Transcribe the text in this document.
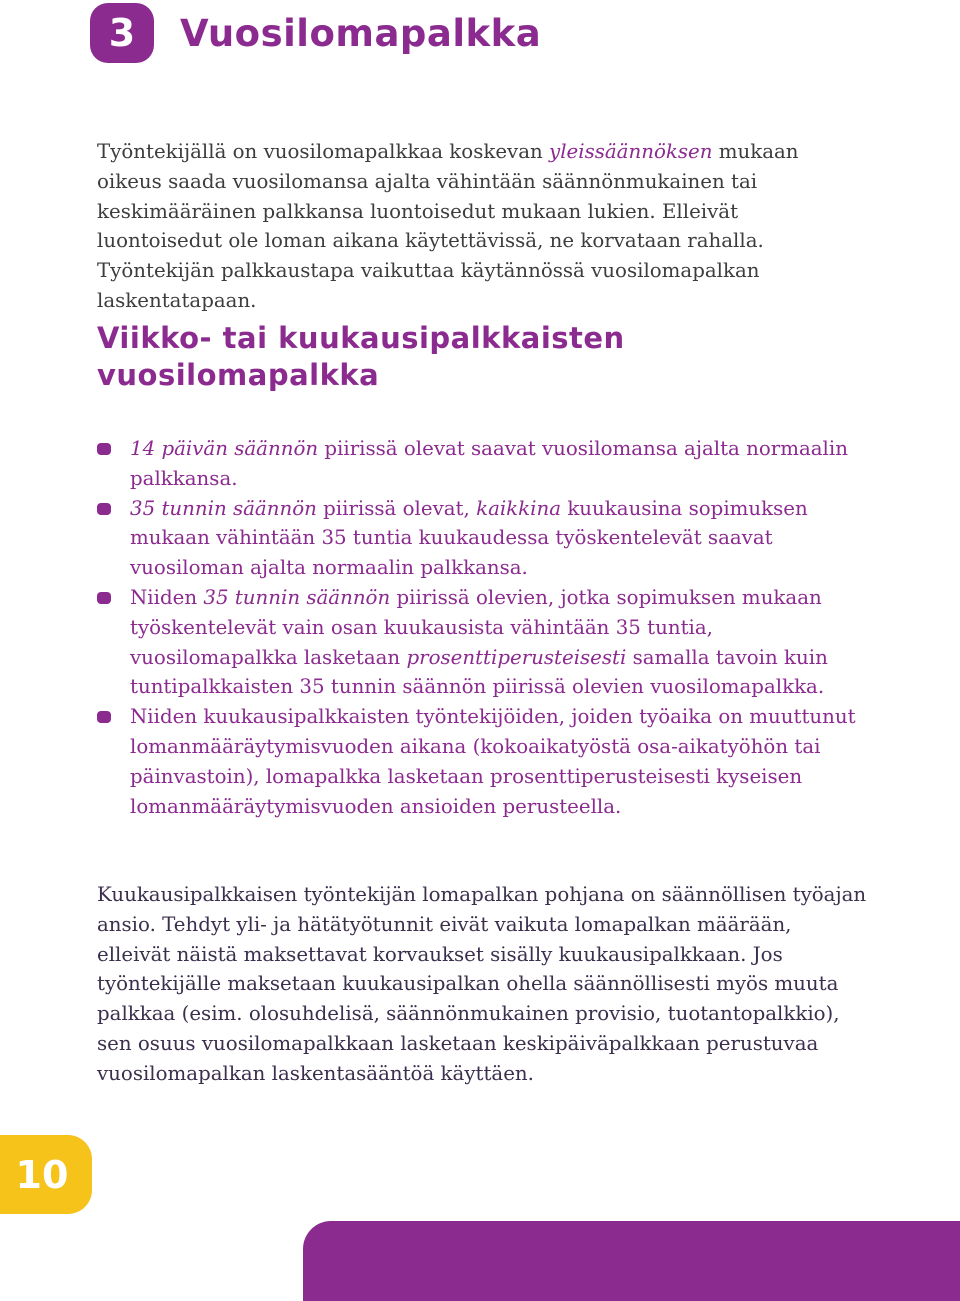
3	Vuosilomapalkka

Työntekijällä on vuosilomapalkkaa koskevan yleissäännöksen mukaan oikeus saada vuosilomansa ajalta vähintään säännönmukainen tai keskimääräinen palkkansa luontoisedut mukaan lukien. Elleivät luontoisedut ole loman aikana käytettävissä, ne korvataan rahalla. Työntekijän palkkaustapa vaikuttaa käytännössä vuosilomapalkan laskentatapaan.

Viikko- tai kuukausipalkkaisten
vuosilomapalkka
14 päivän säännön piirissä olevat saavat vuosilomansa ajalta normaalin palkkansa.
35 tunnin säännön piirissä olevat, kaikkina kuukausina sopimuksen mukaan vähintään 35 tuntia kuukaudessa työskentelevät saavat vuosiloman ajalta normaalin palkkansa.
Niiden 35 tunnin säännön piirissä olevien, jotka sopimuksen mukaan työskentelevät vain osan kuukausista vähintään 35 tuntia, vuosilomapalkka lasketaan prosenttiperusteisesti samalla tavoin kuin tuntipalkkaisten 35 tunnin säännön piirissä olevien vuosilomapalkka.
Niiden kuukausipalkkaisten työntekijöiden, joiden työaika on muuttunut lomanmääräytymisvuoden aikana (kokoaikatyöstä osa-aikatyöhön tai päinvastoin), lomapalkka lasketaan prosenttiperusteisesti kyseisen lomanmääräytymisvuoden ansioiden perusteella.

Kuukausipalkkaisen työntekijän lomapalkan pohjana on säännöllisen työajan ansio. Tehdyt yli- ja hätätyötunnit eivät vaikuta lomapalkan määrään, elleivät näistä maksettavat korvaukset sisälly kuukausipalkkaan. Jos työntekijälle maksetaan kuukausipalkan ohella säännöllisesti myös muuta palkkaa (esim. olosuhdelisä, säännönmukainen provisio, tuotantopalkkio), sen osuus vuosilomapalkkaan lasketaan keskipäiväpalkkaan perustuvaa vuosilomapalkan laskentasääntöä käyttäen.

10
